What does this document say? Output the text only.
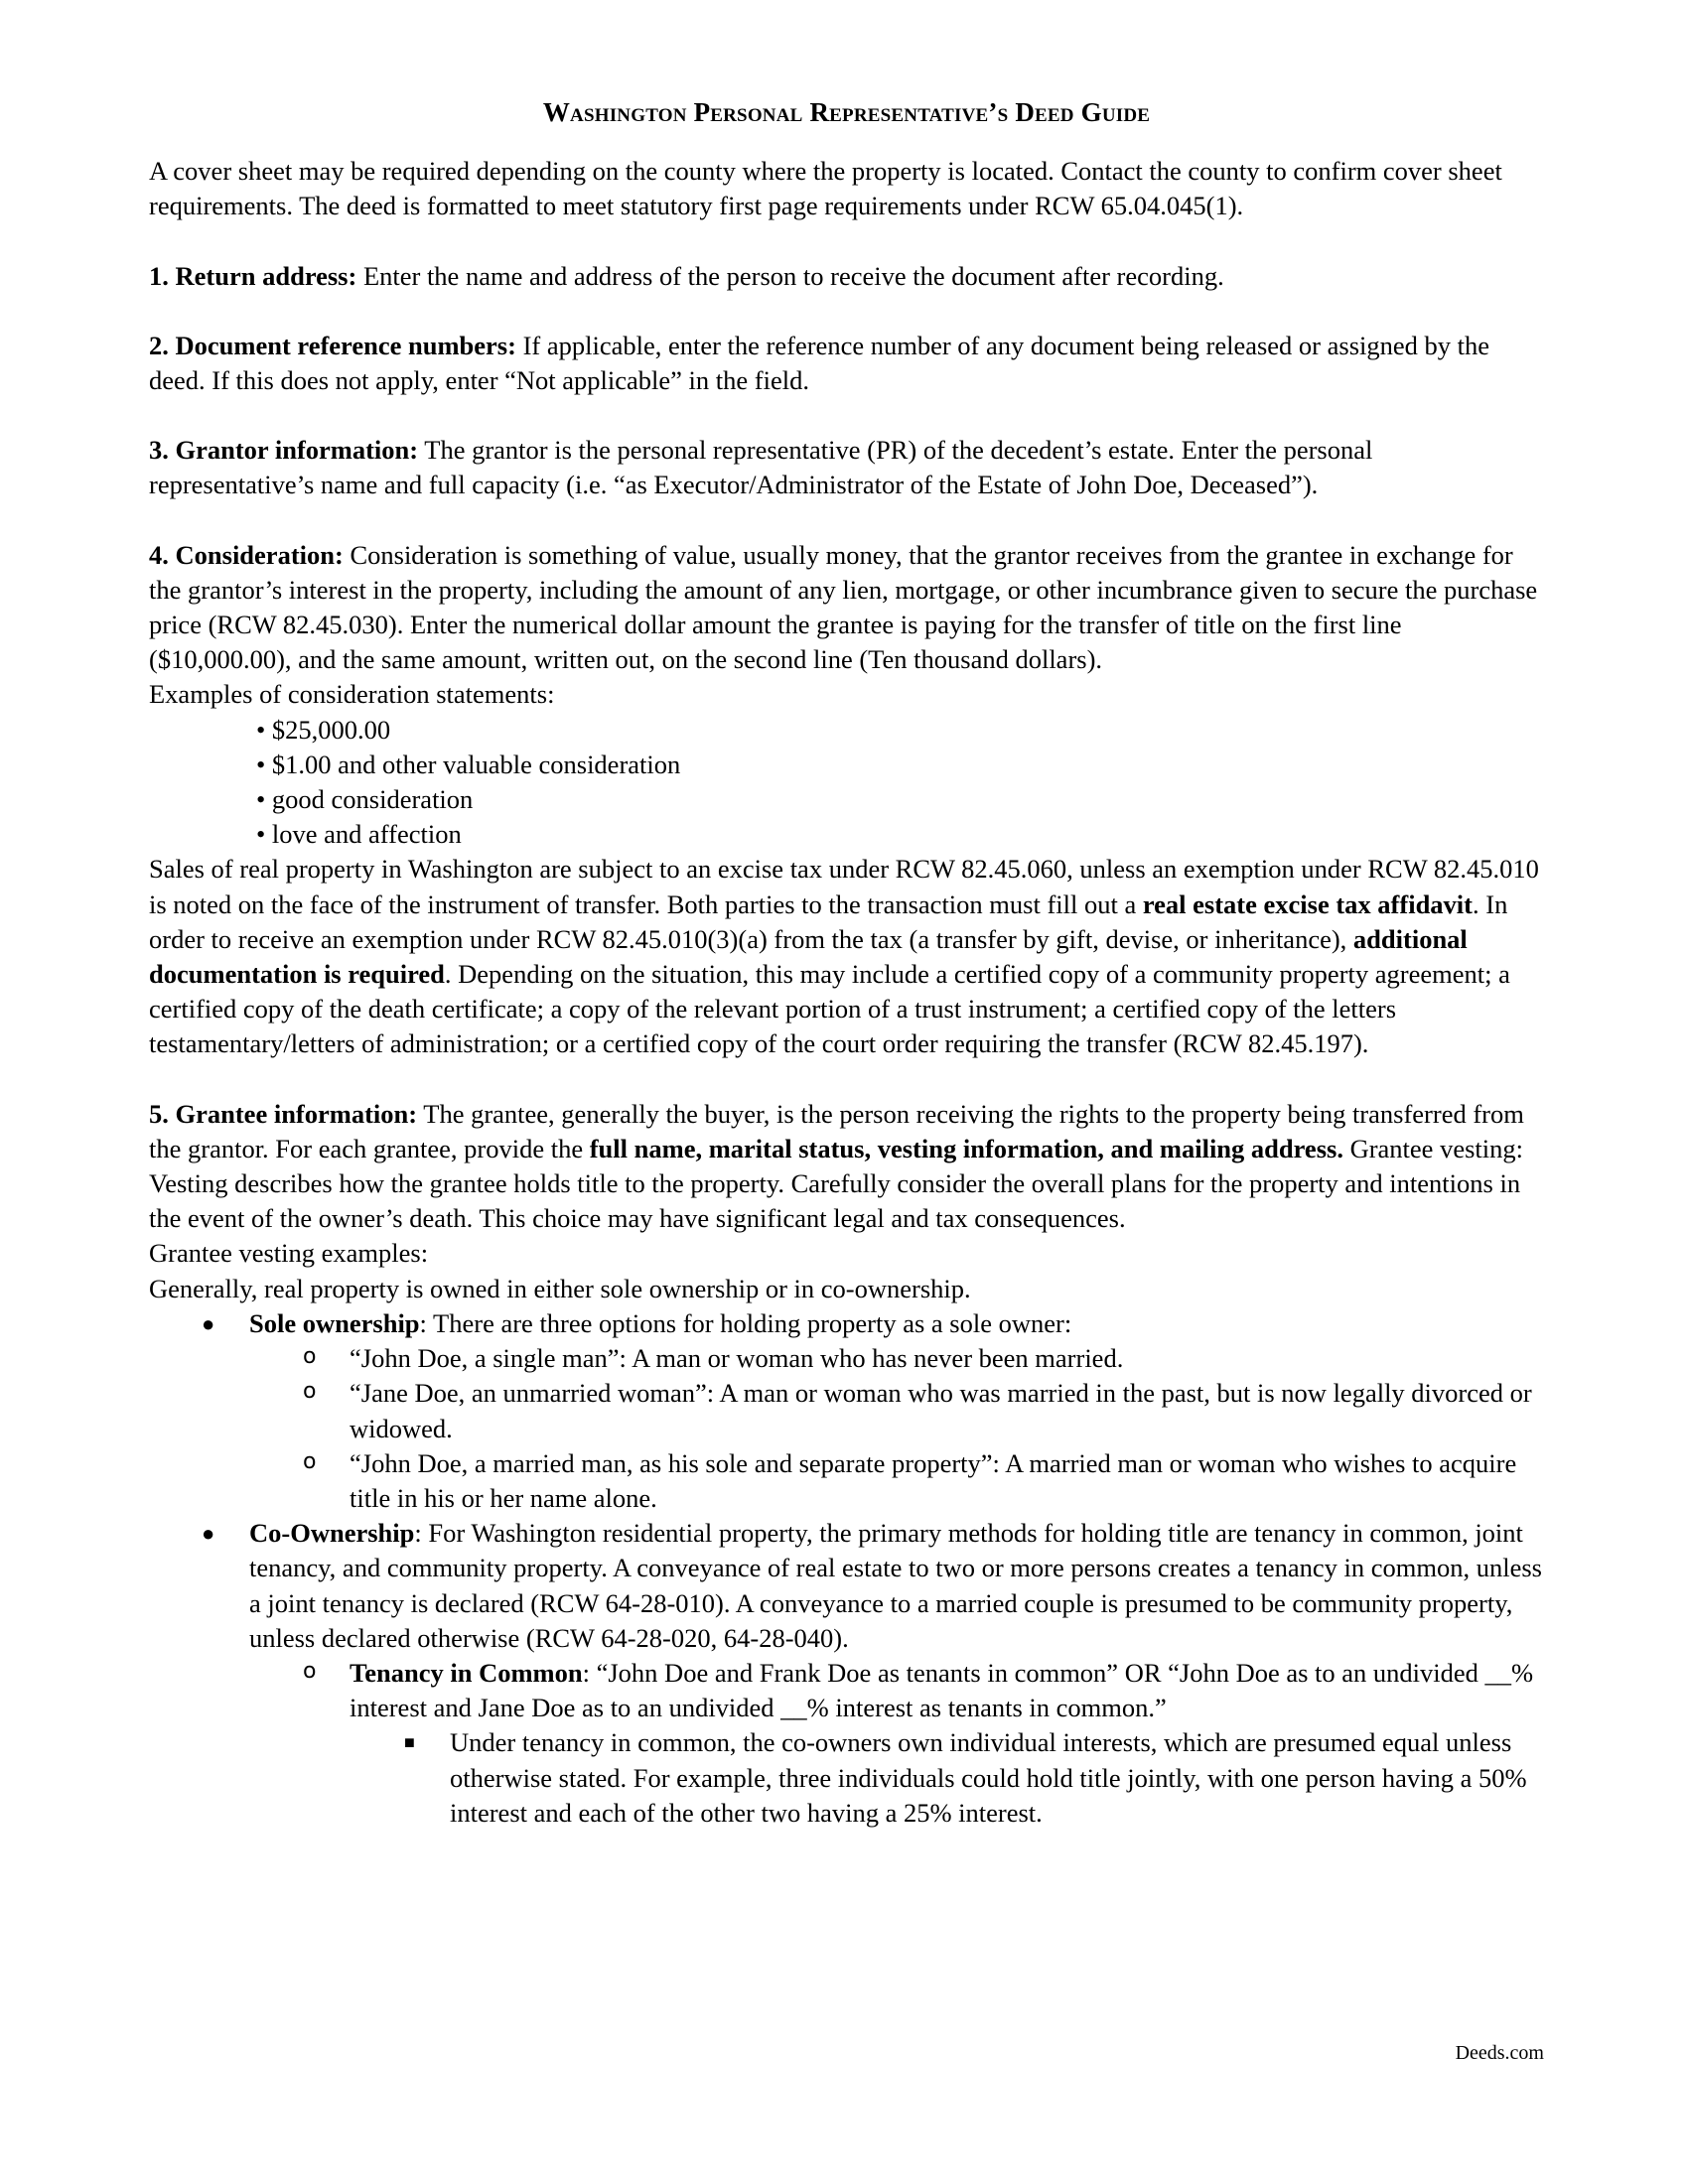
Washington Personal Representative’s Deed Guide

A cover sheet may be required depending on the county where the property is located. Contact the county to confirm cover sheet requirements. The deed is formatted to meet statutory first page requirements under RCW 65.04.045(1).

1. Return address: Enter the name and address of the person to receive the document after recording.

2. Document reference numbers: If applicable, enter the reference number of any document being released or assigned by the deed. If this does not apply, enter “Not applicable” in the field.

3. Grantor information: The grantor is the personal representative (PR) of the decedent’s estate. Enter the personal representative’s name and full capacity (i.e. “as Executor/Administrator of the Estate of John Doe, Deceased”).

4. Consideration: Consideration is something of value, usually money, that the grantor receives from the grantee in exchange for the grantor’s interest in the property, including the amount of any lien, mortgage, or other incumbrance given to secure the purchase price (RCW 82.45.030). Enter the numerical dollar amount the grantee is paying for the transfer of title on the first line ($10,000.00), and the same amount, written out, on the second line (Ten thousand dollars).

Examples of consideration statements:

• $25,000.00
• $1.00 and other valuable consideration
• good consideration
• love and affection

Sales of real property in Washington are subject to an excise tax under RCW 82.45.060, unless an exemption under RCW 82.45.010 is noted on the face of the instrument of transfer. Both parties to the transaction must fill out a real estate excise tax affidavit. In order to receive an exemption under RCW 82.45.010(3)(a) from the tax (a transfer by gift, devise, or inheritance), additional documentation is required. Depending on the situation, this may include a certified copy of a community property agreement; a certified copy of the death certificate; a copy of the relevant portion of a trust instrument; a certified copy of the letters testamentary/letters of administration; or a certified copy of the court order requiring the transfer (RCW 82.45.197).

5. Grantee information: The grantee, generally the buyer, is the person receiving the rights to the property being transferred from the grantor. For each grantee, provide the full name, marital status, vesting information, and mailing address. Grantee vesting: Vesting describes how the grantee holds title to the property. Carefully consider the overall plans for the property and intentions in the event of the owner’s death. This choice may have significant legal and tax consequences.

Grantee vesting examples:

Generally, real property is owned in either sole ownership or in co-ownership.

● Sole ownership: There are three options for holding property as a sole owner:
o “John Doe, a single man”: A man or woman who has never been married.
o “Jane Doe, an unmarried woman”: A man or woman who was married in the past, but is now legally divorced or widowed.
o “John Doe, a married man, as his sole and separate property”: A married man or woman who wishes to acquire title in his or her name alone.
● Co-Ownership: For Washington residential property, the primary methods for holding title are tenancy in common, joint tenancy, and community property. A conveyance of real estate to two or more persons creates a tenancy in common, unless a joint tenancy is declared (RCW 64-28-010). A conveyance to a married couple is presumed to be community property, unless declared otherwise (RCW 64-28-020, 64-28-040).
o Tenancy in Common: “John Doe and Frank Doe as tenants in common” OR “John Doe as to an undivided __% interest and Jane Doe as to an undivided __% interest as tenants in common.”
■ Under tenancy in common, the co-owners own individual interests, which are presumed equal unless otherwise stated. For example, three individuals could hold title jointly, with one person having a 50% interest and each of the other two having a 25% interest.
Deeds.com
